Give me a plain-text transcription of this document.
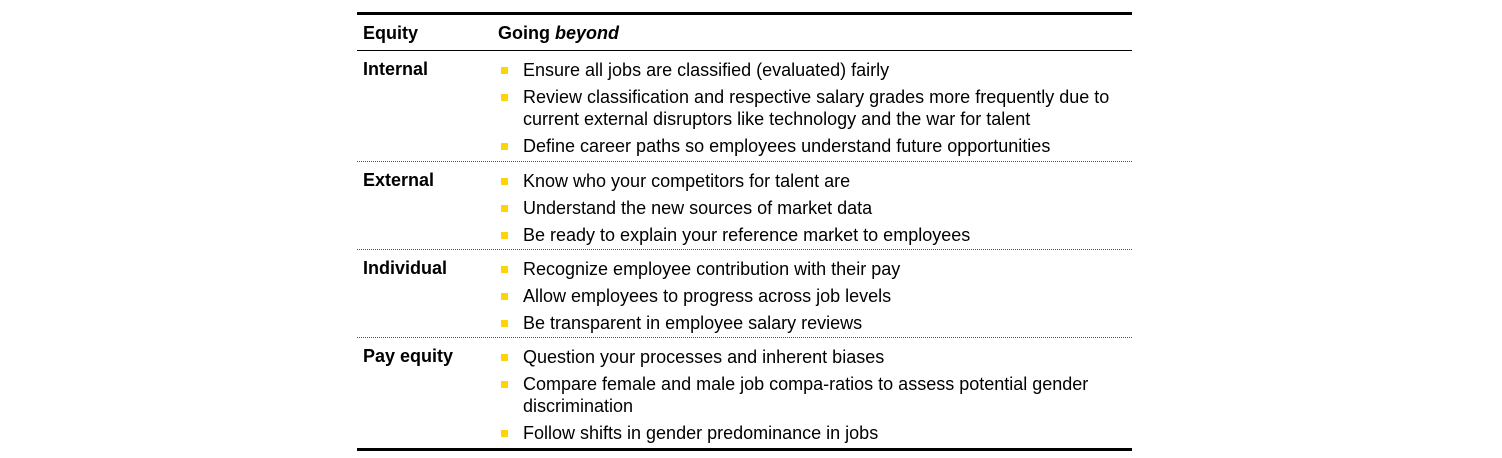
Equity	Going beyond
Internal	Ensure all jobs are classified (evaluated) fairly
Review classification and respective salary grades more frequently due to current external disruptors like technology and the war for talent
Define career paths so employees understand future opportunities
External	Know who your competitors for talent are
Understand the new sources of market data
Be ready to explain your reference market to employees
Individual	Recognize employee contribution with their pay
Allow employees to progress across job levels
Be transparent in employee salary reviews
Pay equity	Question your processes and inherent biases
Compare female and male job compa-ratios to assess potential gender discrimination
Follow shifts in gender predominance in jobs
